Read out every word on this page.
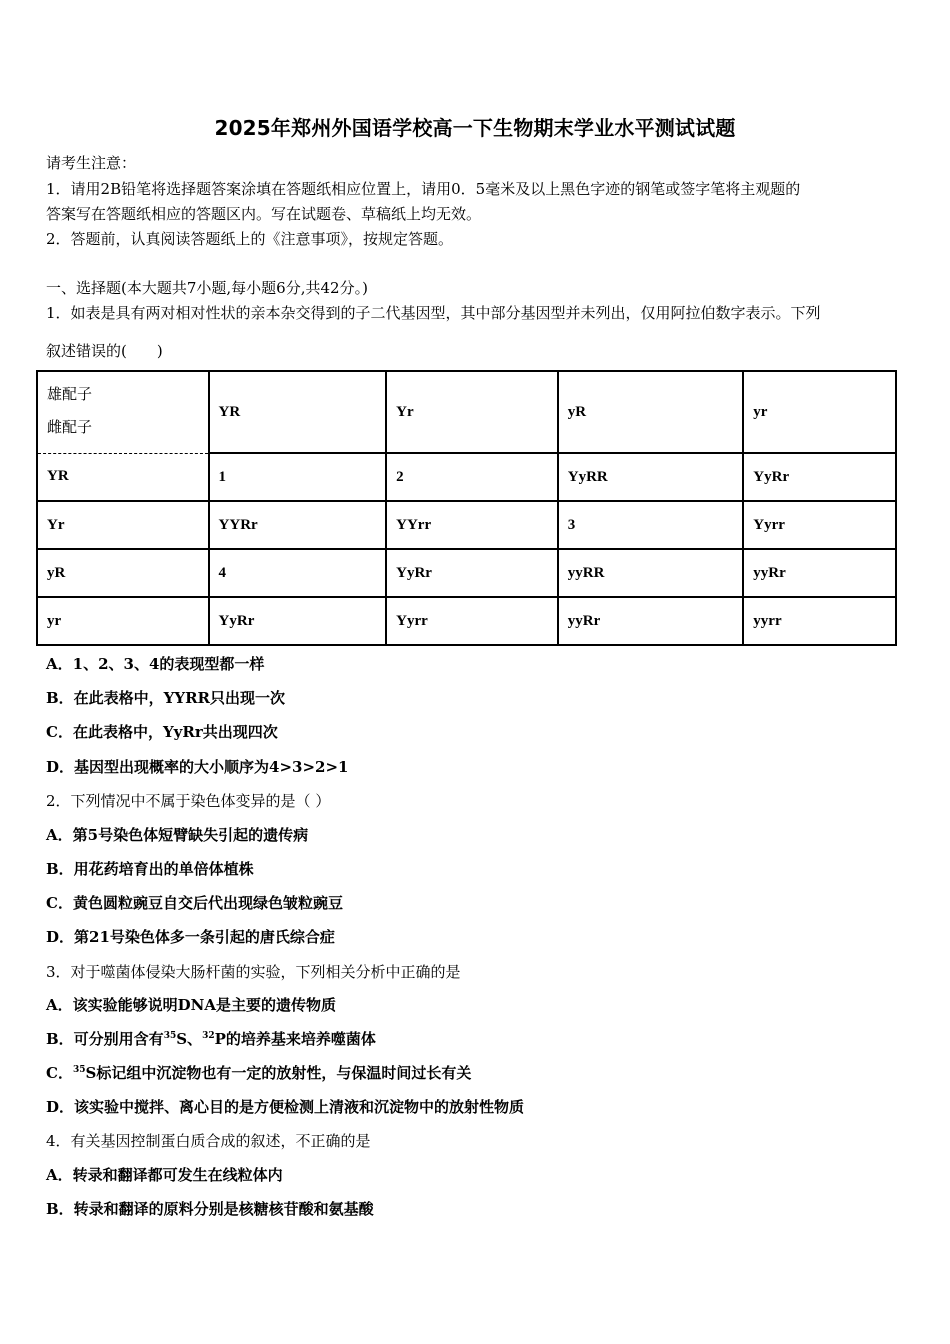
2025年郑州外国语学校高一下生物期末学业水平测试试题
请考生注意：
1．请用2B铅笔将选择题答案涂填在答题纸相应位置上，请用0．5毫米及以上黑色字迹的钢笔或签字笔将主观题的
答案写在答题纸相应的答题区内。写在试题卷、草稿纸上均无效。
2．答题前，认真阅读答题纸上的《注意事项》，按规定答题。
一、选择题(本大题共7小题,每小题6分,共42分。)
1．如表是具有两对相对性状的亲本杂交得到的子二代基因型，其中部分基因型并未列出，仅用阿拉伯数字表示。下列
叙述错误的(　　)
雄配子
雌配子	YR	Yr	yR	yr
YR	1	2	YyRR	YyRr
Yr	YYRr	YYrr	3	Yyrr
yR	4	YyRr	yyRR	yyRr
yr	YyRr	Yyrr	yyRr	yyrr
A．1、2、3、4的表现型都一样
B．在此表格中，YYRR只出现一次
C．在此表格中，YyRr共出现四次
D．基因型出现概率的大小顺序为4>3>2>1
2．下列情况中不属于染色体变异的是（ ）
A．第5号染色体短臂缺失引起的遗传病
B．用花药培育出的单倍体植株
C．黄色圆粒豌豆自交后代出现绿色皱粒豌豆
D．第21号染色体多一条引起的唐氏综合症
3．对于噬菌体侵染大肠杆菌的实验，下列相关分析中正确的是
A．该实验能够说明DNA是主要的遗传物质
B．可分别用含有$^{35}$S、$^{32}$P的培养基来培养噬菌体
C．$^{35}$S标记组中沉淀物也有一定的放射性，与保温时间过长有关
D．该实验中搅拌、离心目的是方便检测上清液和沉淀物中的放射性物质
4．有关基因控制蛋白质合成的叙述，不正确的是
A．转录和翻译都可发生在线粒体内
B．转录和翻译的原料分别是核糖核苷酸和氨基酸
